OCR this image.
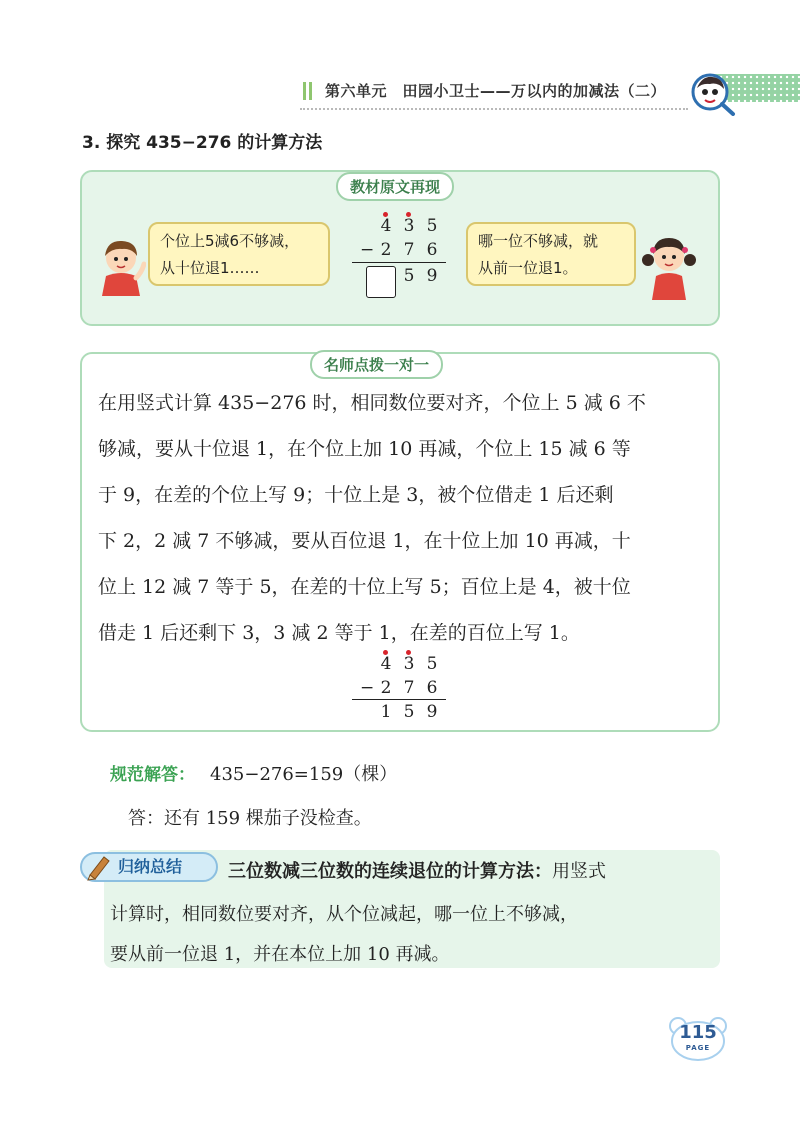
第六单元　田园小卫士——万以内的加减法（二）
3. 探究 435−276 的计算方法
教材原文再现
个位上5减6不够减，
从十位退1……
4 3 5
− 2 7 6
5 9
哪一位不够减，就
从前一位退1。
名师点拨一对一
在用竖式计算 435−276 时，相同数位要对齐，个位上 5 减 6 不
够减，要从十位退 1，在个位上加 10 再减，个位上 15 减 6 等
于 9，在差的个位上写 9；十位上是 3，被个位借走 1 后还剩
下 2，2 减 7 不够减，要从百位退 1，在十位上加 10 再减，十
位上 12 减 7 等于 5，在差的十位上写 5；百位上是 4，被十位
借走 1 后还剩下 3，3 减 2 等于 1，在差的百位上写 1。
4 3 5
− 2 7 6
1 5 9
规范解答： 435−276=159（棵）
答：还有 159 棵茄子没检查。
归纳总结	三位数减三位数的连续退位的计算方法：用竖式
计算时，相同数位要对齐，从个位减起，哪一位上不够减，
要从前一位退 1，并在本位上加 10 再减。
115
PAGE
